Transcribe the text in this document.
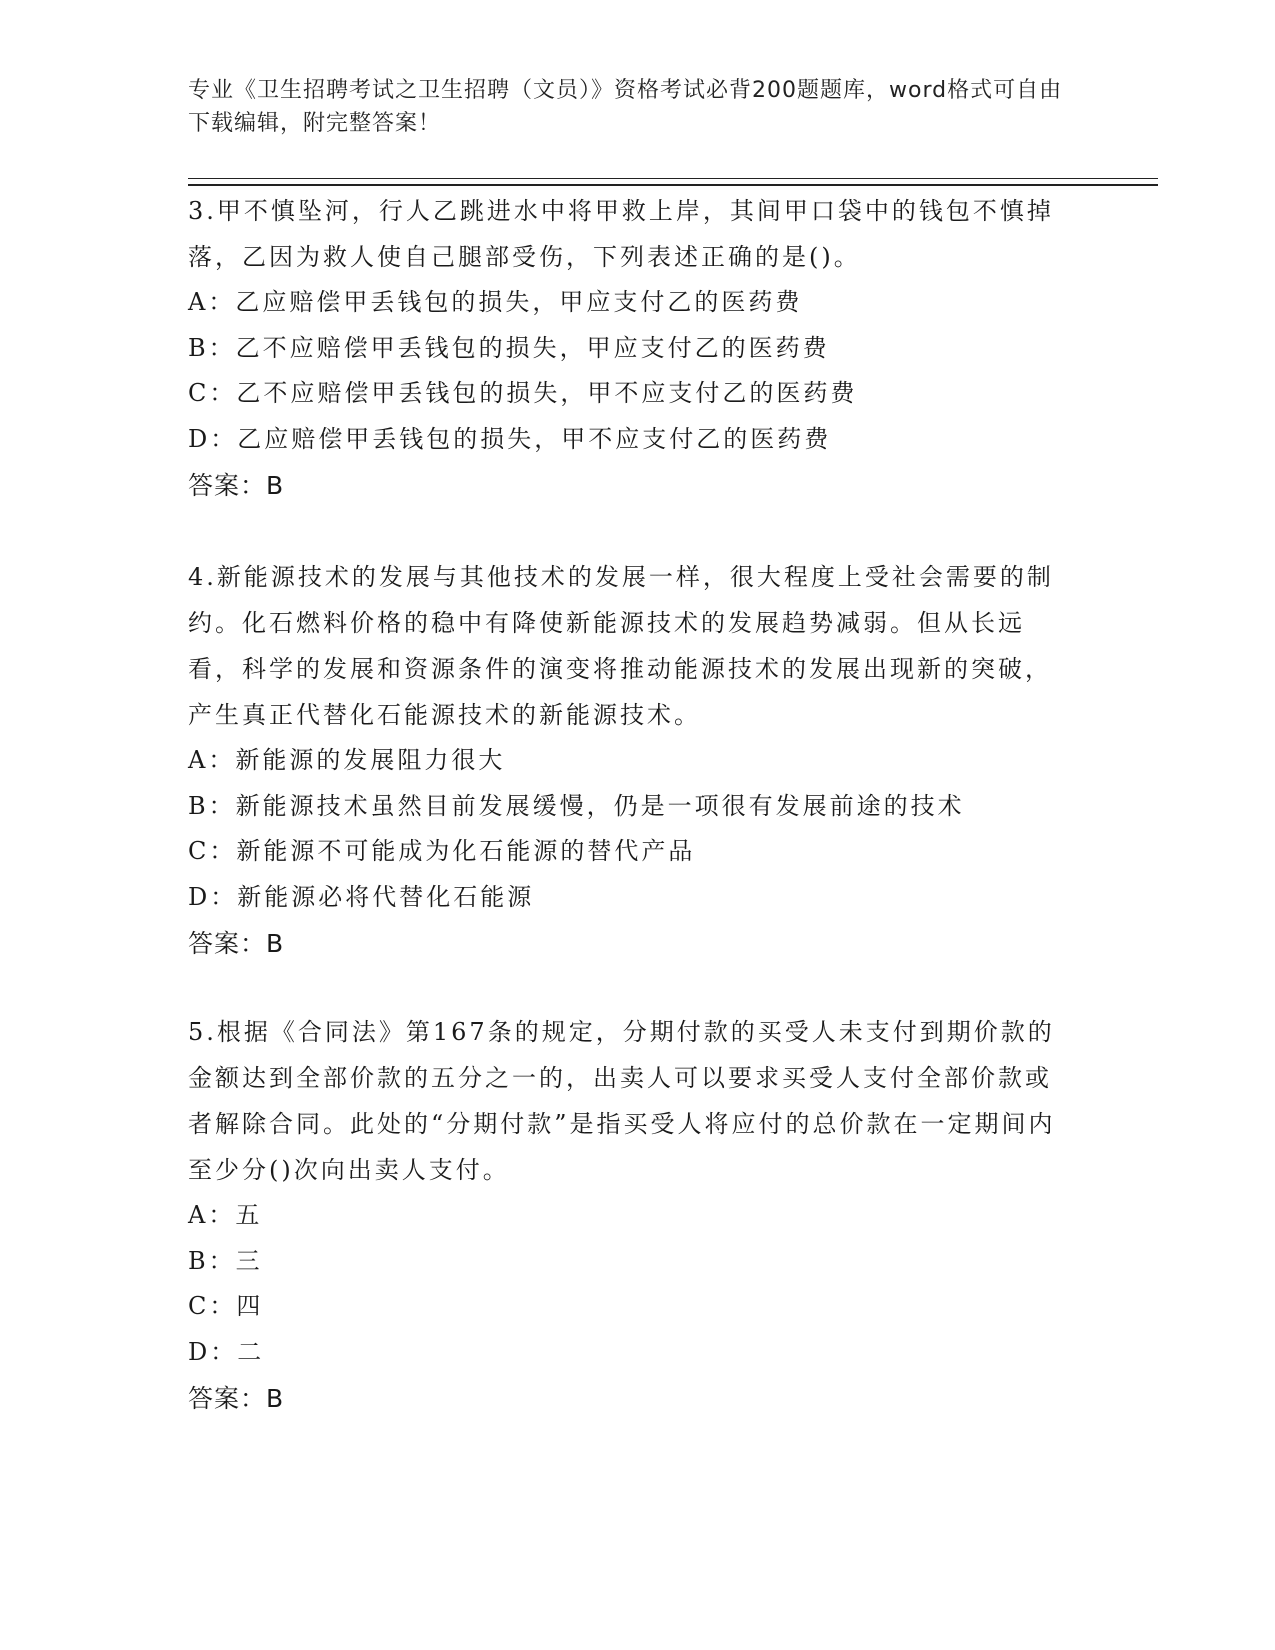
专业《卫生招聘考试之卫生招聘（文员）》资格考试必背200题题库，word格式可自由下载编辑，附完整答案！

3.甲不慎坠河，行人乙跳进水中将甲救上岸，其间甲口袋中的钱包不慎掉落，乙因为救人使自己腿部受伤，下列表述正确的是()。

A：乙应赔偿甲丢钱包的损失，甲应支付乙的医药费

B：乙不应赔偿甲丢钱包的损失，甲应支付乙的医药费

C：乙不应赔偿甲丢钱包的损失，甲不应支付乙的医药费

D：乙应赔偿甲丢钱包的损失，甲不应支付乙的医药费

答案：B

4.新能源技术的发展与其他技术的发展一样，很大程度上受社会需要的制约。化石燃料价格的稳中有降使新能源技术的发展趋势减弱。但从长远看，科学的发展和资源条件的演变将推动能源技术的发展出现新的突破，产生真正代替化石能源技术的新能源技术。

A：新能源的发展阻力很大

B：新能源技术虽然目前发展缓慢，仍是一项很有发展前途的技术

C：新能源不可能成为化石能源的替代产品

D：新能源必将代替化石能源

答案：B

5.根据《合同法》第167条的规定，分期付款的买受人未支付到期价款的金额达到全部价款的五分之一的，出卖人可以要求买受人支付全部价款或者解除合同。此处的“分期付款”是指买受人将应付的总价款在一定期间内至少分()次向出卖人支付。

A：五

B：三

C：四

D：二

答案：B
